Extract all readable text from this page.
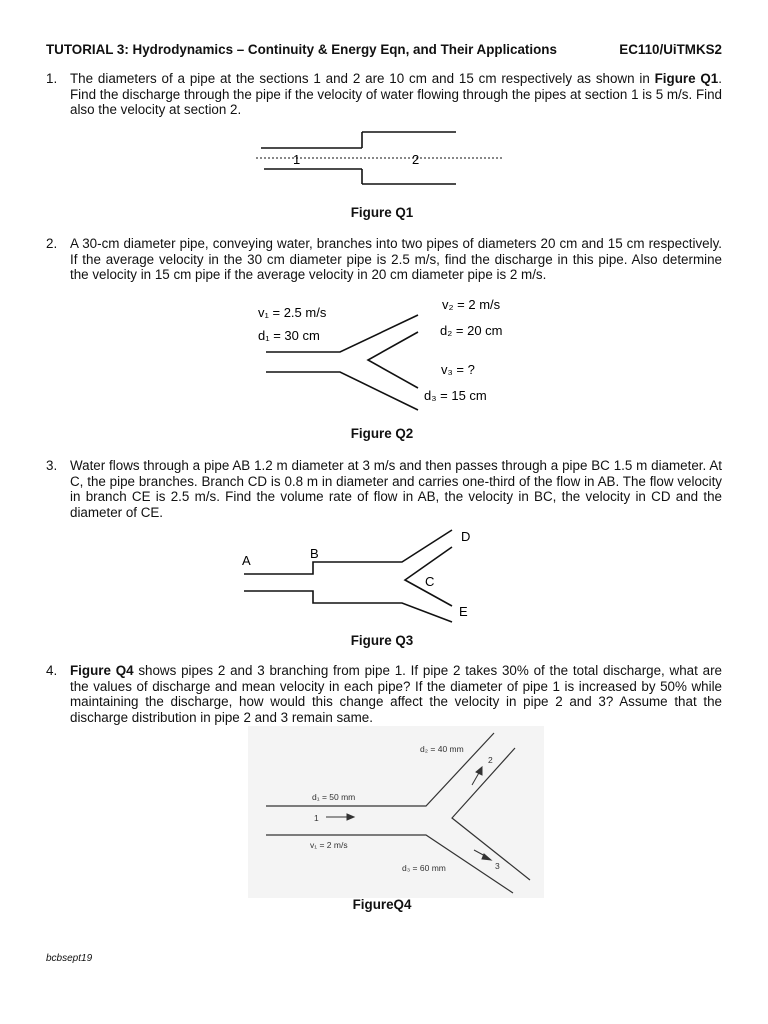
TUTORIAL 3: Hydrodynamics – Continuity & Energy Eqn, and Their Applications	EC110/UiTMKS2
1. The diameters of a pipe at the sections 1 and 2 are 10 cm and 15 cm respectively as shown in Figure Q1. Find the discharge through the pipe if the velocity of water flowing through the pipes at section 1 is 5 m/s. Find also the velocity at section 2.
1	2
Figure Q1
2. A 30-cm diameter pipe, conveying water, branches into two pipes of diameters 20 cm and 15 cm respectively. If the average velocity in the 30 cm diameter pipe is 2.5 m/s, find the discharge in this pipe. Also determine the velocity in 15 cm pipe if the average velocity in 20 cm diameter pipe is 2 m/s.
v₁ = 2.5 m/s
d₁ = 30 cm
v₂ = 2 m/s
d₂ = 20 cm
v₃ = ?
d₃ = 15 cm
Figure Q2
3. Water flows through a pipe AB 1.2 m diameter at 3 m/s and then passes through a pipe BC 1.5 m diameter. At C, the pipe branches. Branch CD is 0.8 m in diameter and carries one-third of the flow in AB. The flow velocity in branch CE is 2.5 m/s. Find the volume rate of flow in AB, the velocity in BC, the velocity in CD and the diameter of CE.
A	B
C
D
E
Figure Q3
4. Figure Q4 shows pipes 2 and 3 branching from pipe 1. If pipe 2 takes 30% of the total discharge, what are the values of discharge and mean velocity in each pipe? If the diameter of pipe 1 is increased by 50% while maintaining the discharge, how would this change affect the velocity in pipe 2 and 3? Assume that the discharge distribution in pipe 2 and 3 remain same.
d₂ = 40 mm
d₁ = 50 mm
1
v₁ = 2 m/s
d₃ = 60 mm
2
3
FigureQ4
bcbsept19
